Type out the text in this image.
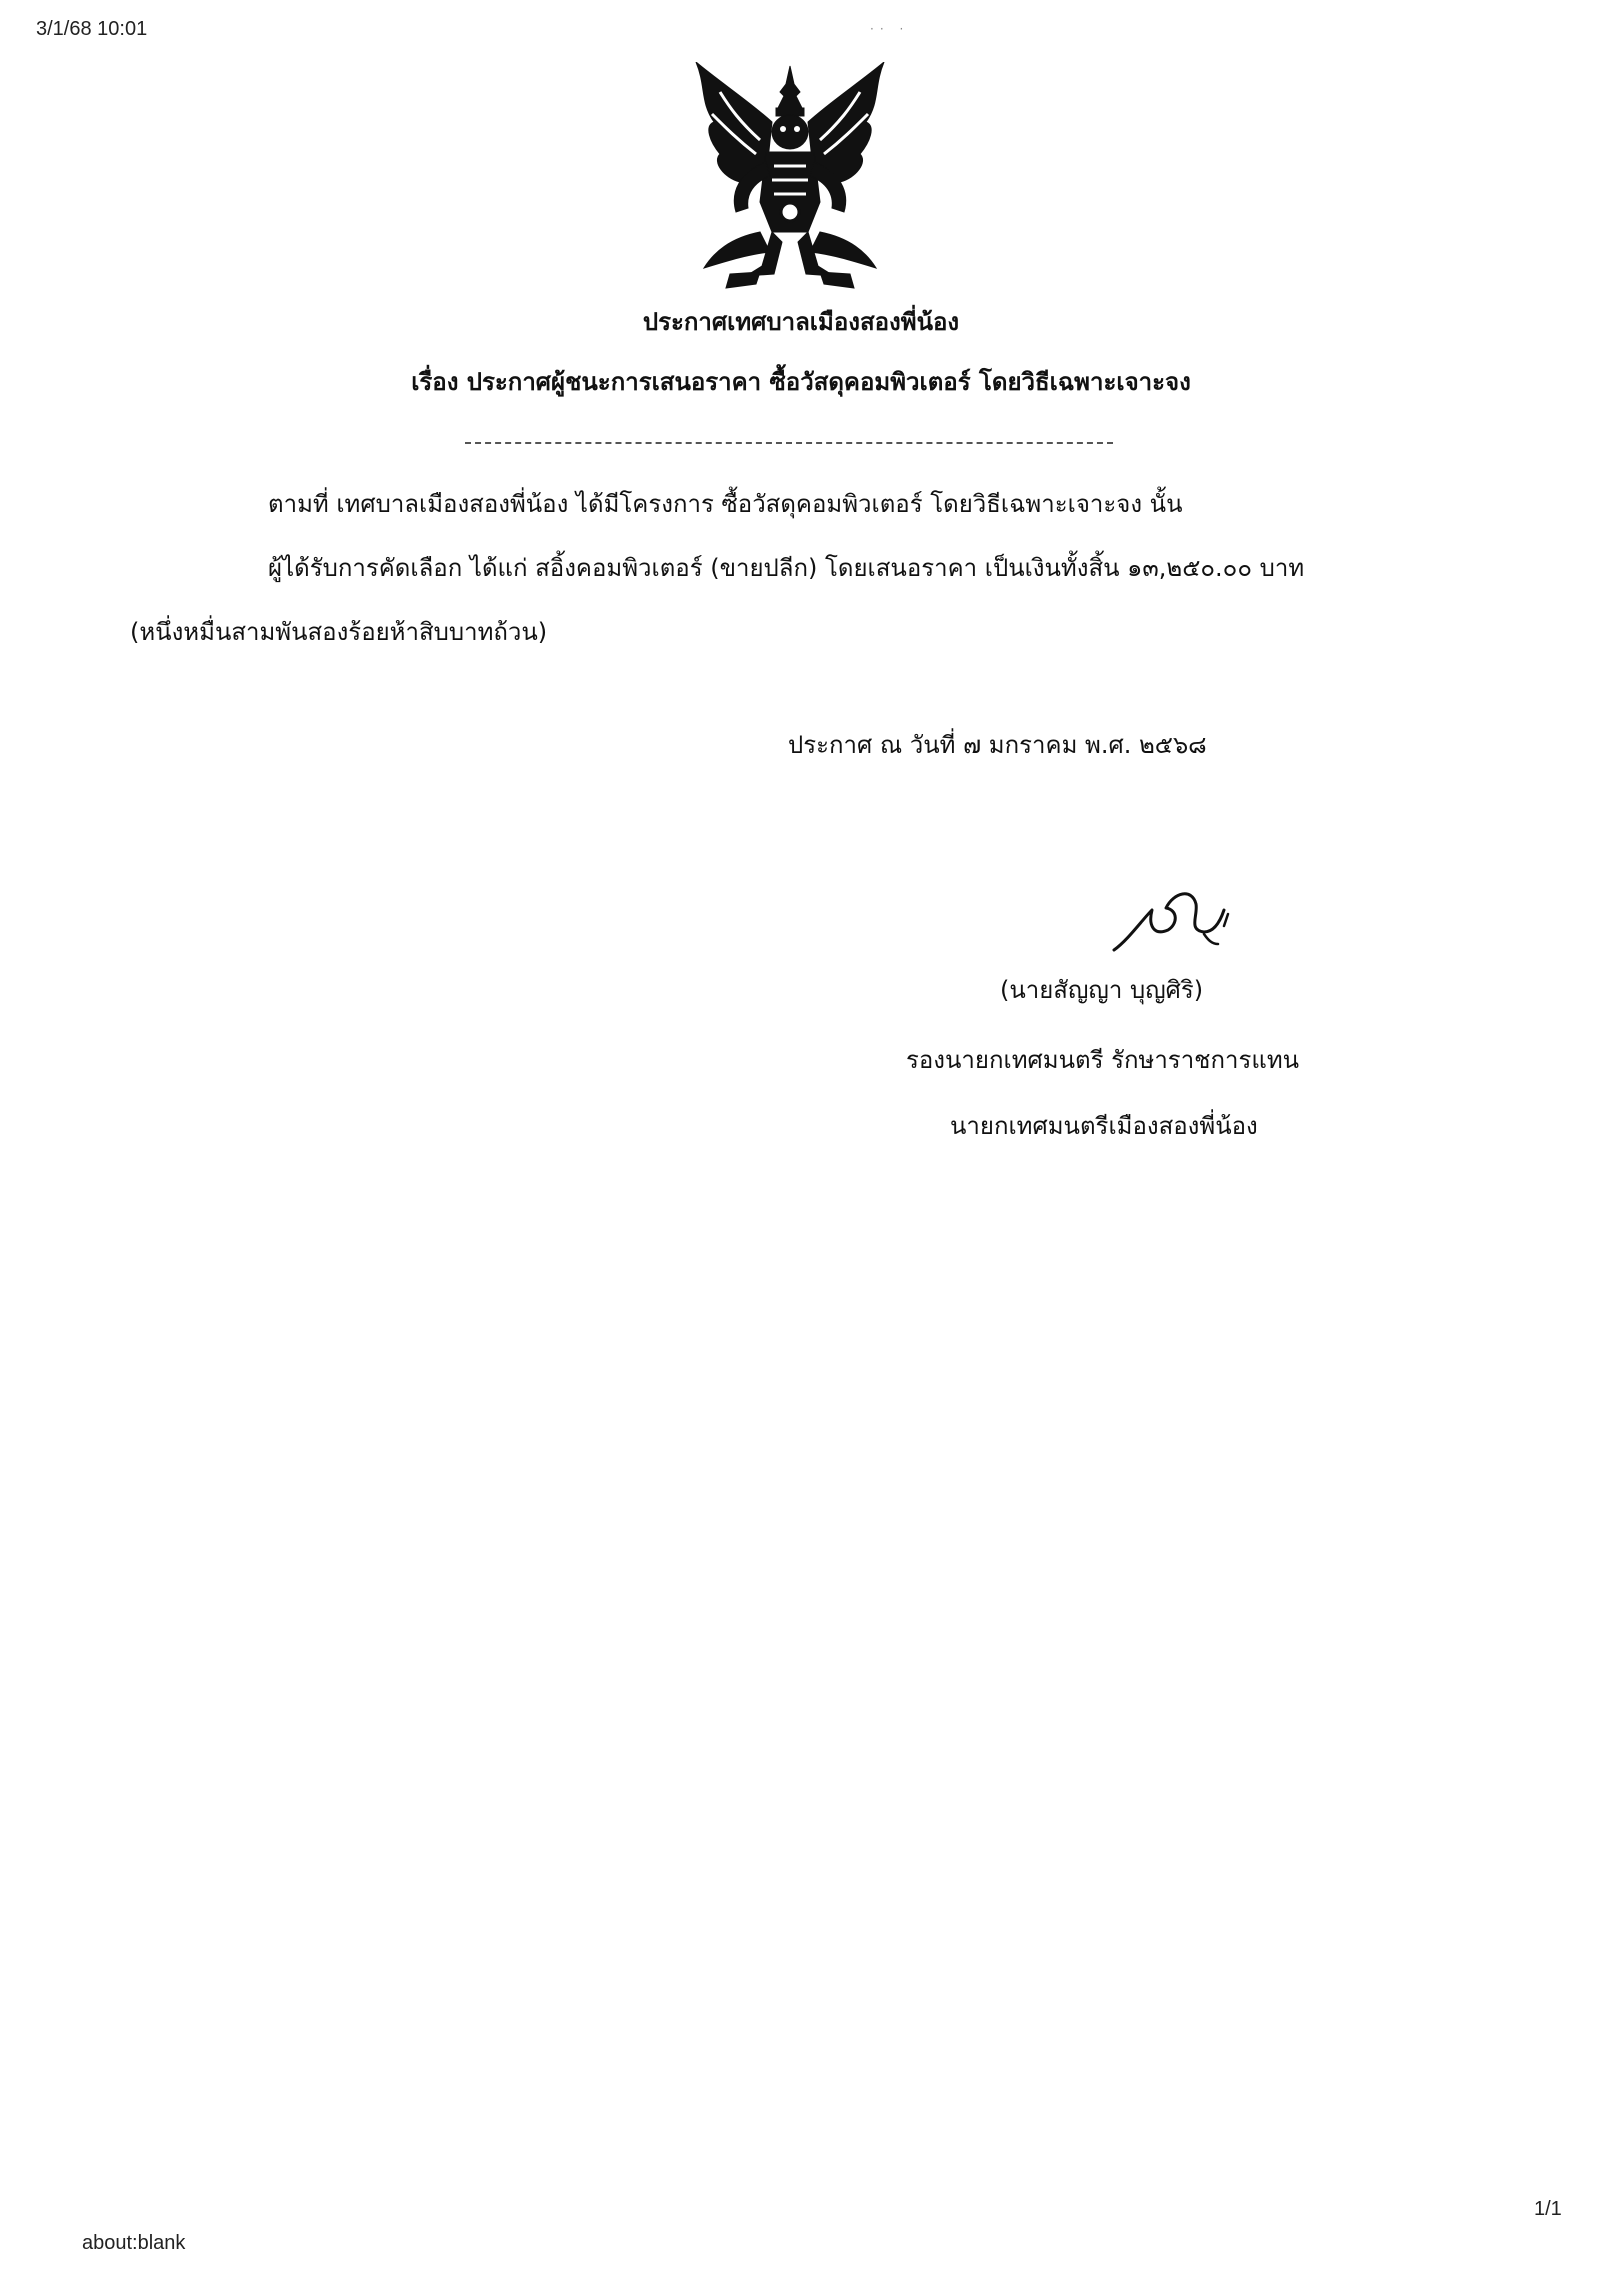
3/1/68 10:01	·· ·
ประกาศเทศบาลเมืองสองพี่น้อง
เรื่อง ประกาศผู้ชนะการเสนอราคา ซื้อวัสดุคอมพิวเตอร์ โดยวิธีเฉพาะเจาะจง
ตามที่ เทศบาลเมืองสองพี่น้อง ได้มีโครงการ ซื้อวัสดุคอมพิวเตอร์ โดยวิธีเฉพาะเจาะจง นั้น
ผู้ได้รับการคัดเลือก ได้แก่ สอิ้งคอมพิวเตอร์ (ขายปลีก) โดยเสนอราคา เป็นเงินทั้งสิ้น ๑๓,๒๕๐.๐๐ บาท
(หนึ่งหมื่นสามพันสองร้อยห้าสิบบาทถ้วน)
ประกาศ ณ วันที่ ๗ มกราคม พ.ศ. ๒๕๖๘
(นายสัญญา บุญศิริ)
รองนายกเทศมนตรี รักษาราชการแทน
นายกเทศมนตรีเมืองสองพี่น้อง
1/1
about:blank
